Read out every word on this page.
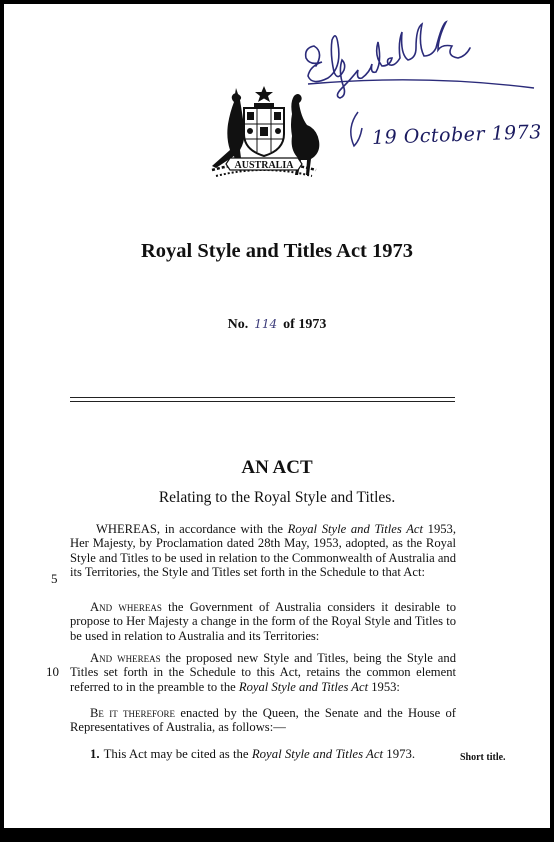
AUSTRALIA
Elizabeth R
19 October 1973
Royal Style and Titles Act 1973
No. 114 of 1973
AN ACT
Relating to the Royal Style and Titles.
WHEREAS, in accordance with the Royal Style and Titles Act 1953, Her Majesty, by Proclamation dated 28th May, 1953, adopted, as the Royal Style and Titles to be used in relation to the Commonwealth of Australia and its Territories, the Style and Titles set forth in the Schedule to that Act:
5
And whereas the Government of Australia considers it desirable to propose to Her Majesty a change in the form of the Royal Style and Titles to be used in relation to Australia and its Territories:
And whereas the proposed new Style and Titles, being the Style and Titles set forth in the Schedule to this Act, retains the common element referred to in the preamble to the Royal Style and Titles Act 1953:
10
Be it therefore enacted by the Queen, the Senate and the House of Representatives of Australia, as follows:—
1. This Act may be cited as the Royal Style and Titles Act 1973.	Short title.
